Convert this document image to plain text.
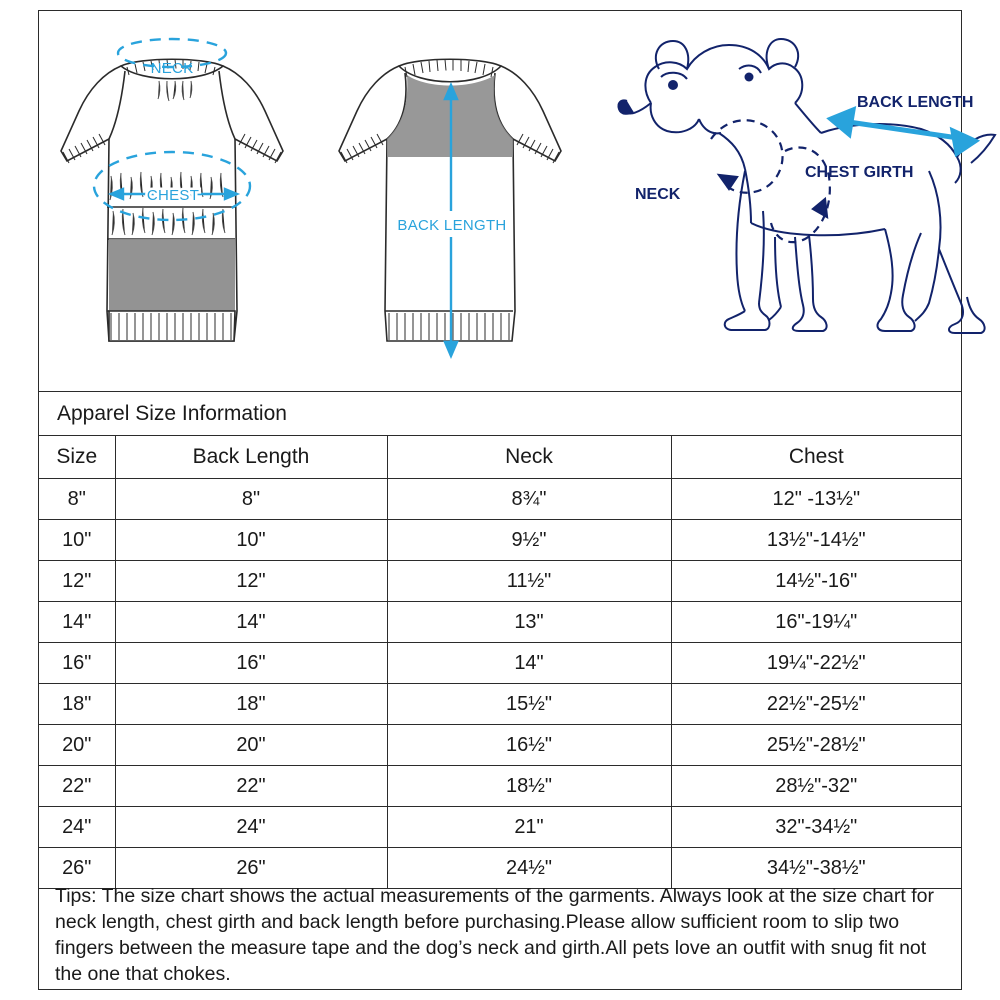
NECK
CHEST
BACK LENGTH
BACK LENGTH
NECK
CHEST GIRTH
Apparel Size Information
Size	Back Length	Neck	Chest
8"	8"	8¾"	12" -13½"
10"	10"	9½"	13½"-14½"
12"	12"	11½"	14½"-16"
14"	14"	13"	16"-19¼"
16"	16"	14"	19¼"-22½"
18"	18"	15½"	22½"-25½"
20"	20"	16½"	25½"-28½"
22"	22"	18½"	28½"-32"
24"	24"	21"	32"-34½"
26"	26"	24½"	34½"-38½"
Tips: The size chart shows the actual measurements of the garments. Always look at the size chart for neck length, chest girth and back length before purchasing.Please allow sufficient room to slip two fingers between the measure tape and the dog’s neck and girth.All pets love an outfit with snug fit not the one that chokes.
